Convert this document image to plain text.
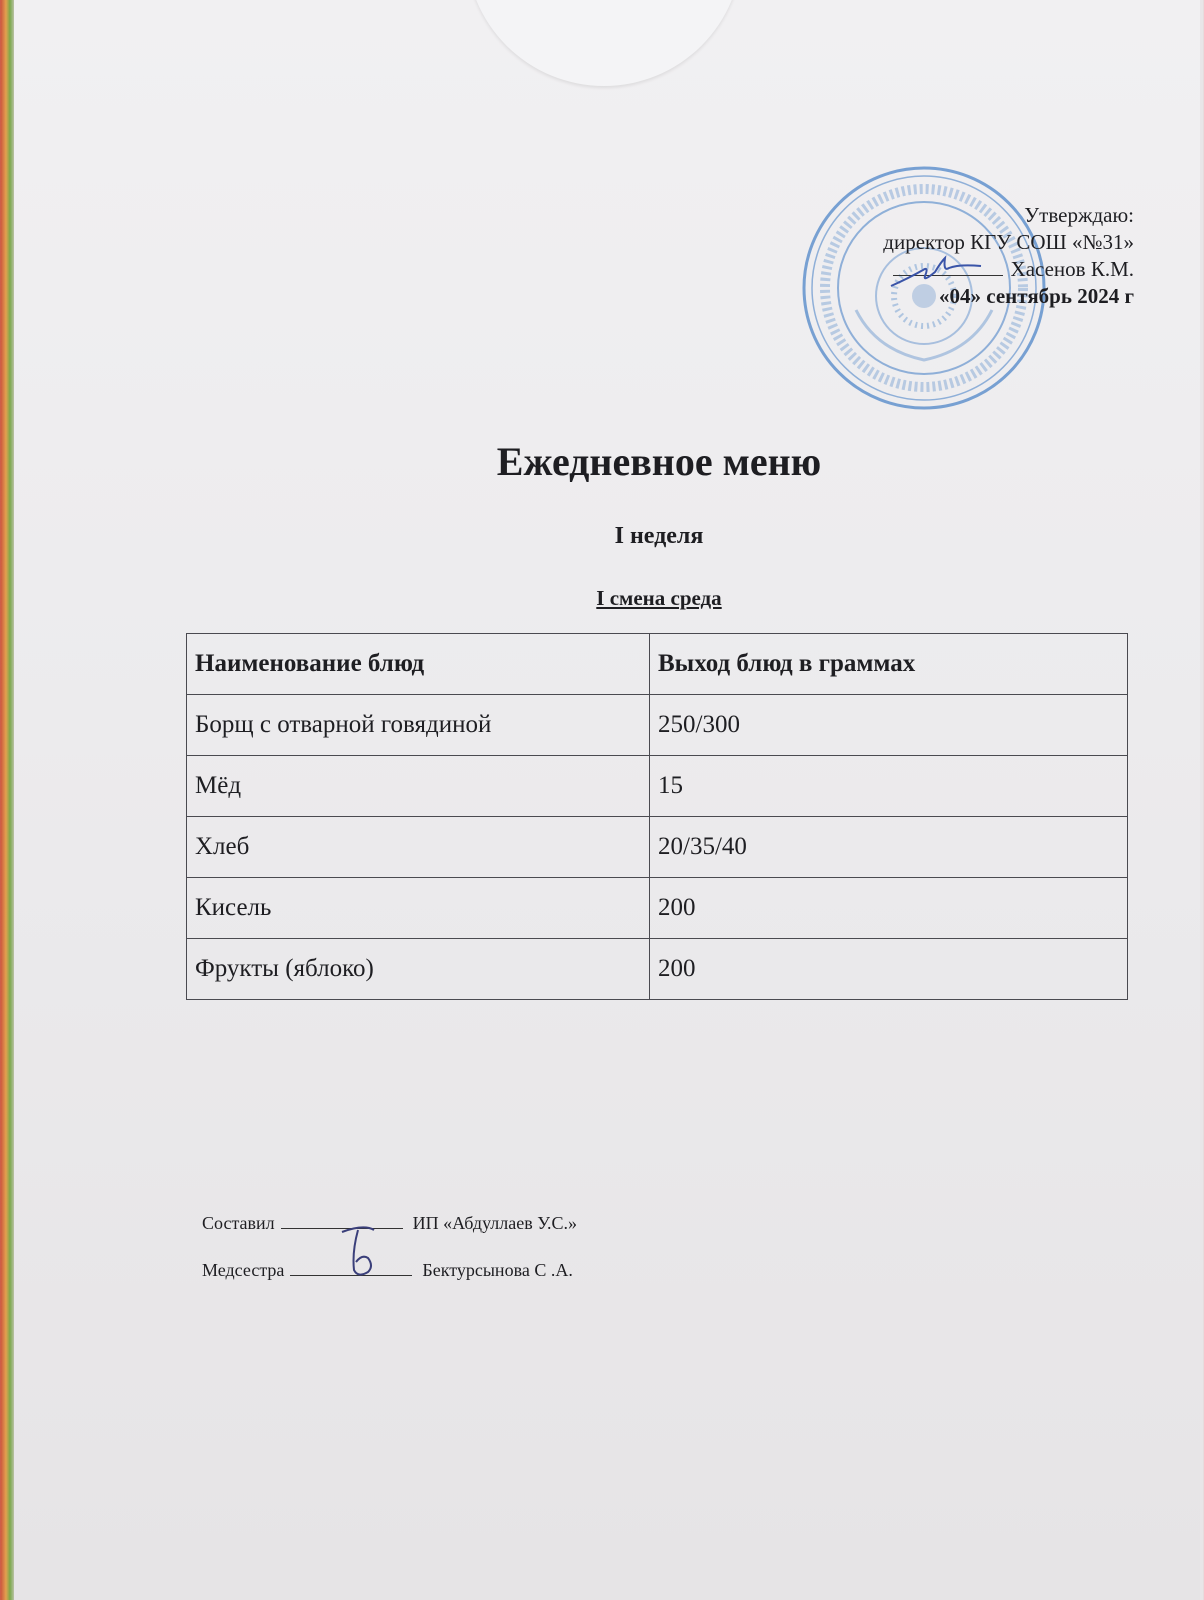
Утверждаю:
директор КГУ СОШ «№31»
Хасенов К.М.
«04» сентябрь 2024 г
Ежедневное меню
I неделя
I смена среда
Наименование блюд	Выход блюд в граммах
Борщ с отварной говядиной	250/300
Мёд	15
Хлеб	20/35/40
Кисель	200
Фрукты (яблоко)	200
Составил	ИП «Абдуллаев У.С.»
Медсестра	Бектурсынова С .А.
